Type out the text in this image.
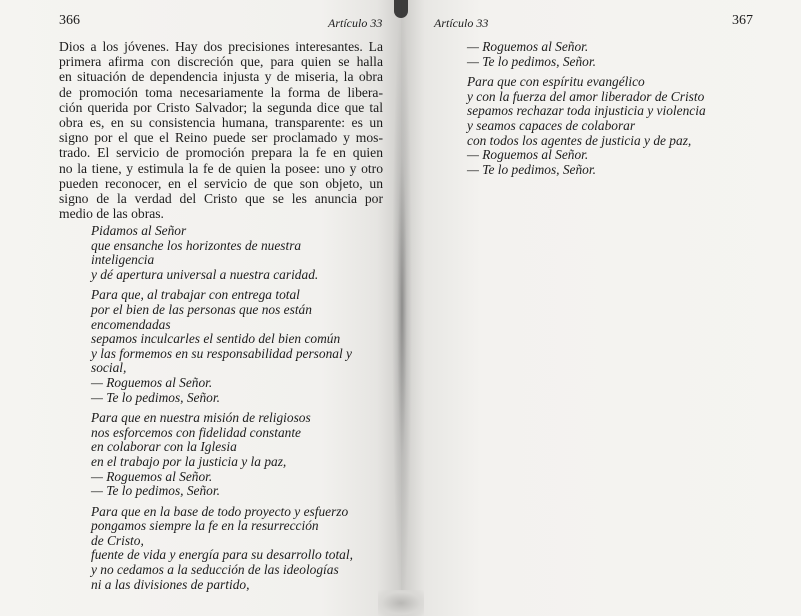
366	Artículo 33
Dios a los jóvenes. Hay dos precisiones interesantes. La
primera afirma con discreción que, para quien se halla
en situación de dependencia injusta y de miseria, la obra
de promoción toma necesariamente la forma de libera-
ción querida por Cristo Salvador; la segunda dice que tal
obra es, en su consistencia humana, transparente: es un
signo por el que el Reino puede ser proclamado y mos-
trado. El servicio de promoción prepara la fe en quien
no la tiene, y estimula la fe de quien la posee: uno y otro
pueden reconocer, en el servicio de que son objeto, un
signo de la verdad del Cristo que se les anuncia por
medio de las obras.
Pidamos al Señor
que ensanche los horizontes de nuestra
inteligencia
y dé apertura universal a nuestra caridad.
Para que, al trabajar con entrega total
por el bien de las personas que nos están
encomendadas
sepamos inculcarles el sentido del bien común
y las formemos en su responsabilidad personal y
social,
— Roguemos al Señor.
— Te lo pedimos, Señor.
Para que en nuestra misión de religiosos
nos esforcemos con fidelidad constante
en colaborar con la Iglesia
en el trabajo por la justicia y la paz,
— Roguemos al Señor.
— Te lo pedimos, Señor.
Para que en la base de todo proyecto y esfuerzo
pongamos siempre la fe en la resurrección
de Cristo,
fuente de vida y energía para su desarrollo total,
y no cedamos a la seducción de las ideologías
ni a las divisiones de partido,
Artículo 33	367
— Roguemos al Señor.
— Te lo pedimos, Señor.
Para que con espíritu evangélico
y con la fuerza del amor liberador de Cristo
sepamos rechazar toda injusticia y violencia
y seamos capaces de colaborar
con todos los agentes de justicia y de paz,
— Roguemos al Señor.
— Te lo pedimos, Señor.
